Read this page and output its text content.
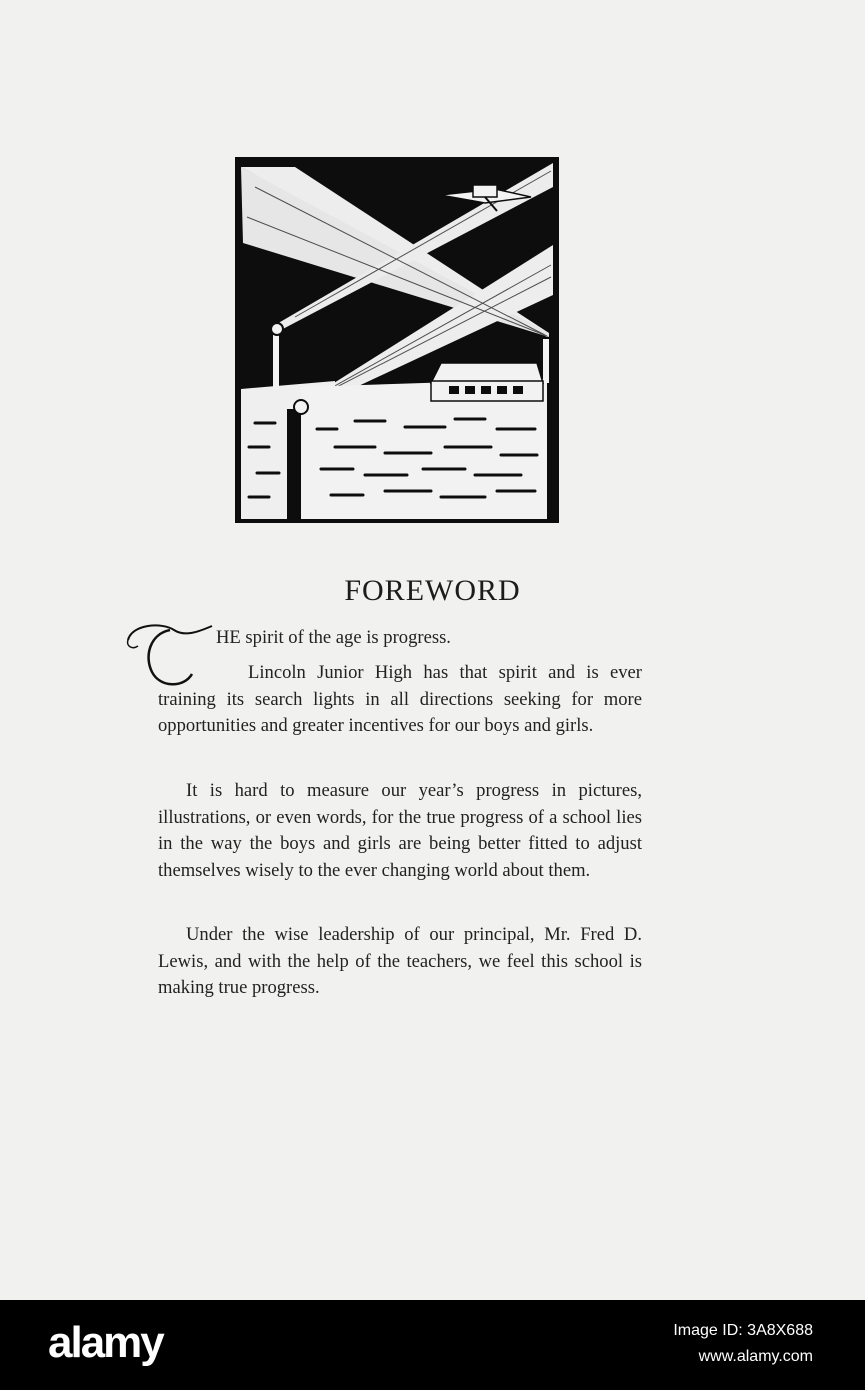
FOREWORD
T
HE spirit of the age is progress.
Lincoln Junior High has that spirit and is ever training its search lights in all directions seeking for more opportunities and greater incentives for our boys and girls.
It is hard to measure our year’s progress in pictures, illustrations, or even words, for the true progress of a school lies in the way the boys and girls are being better fitted to adjust themselves wisely to the ever changing world about them.
Under the wise leadership of our principal, Mr. Fred D. Lewis, and with the help of the teachers, we feel this school is making true progress.
alamy	Image ID: 3A8X688
www.alamy.com
